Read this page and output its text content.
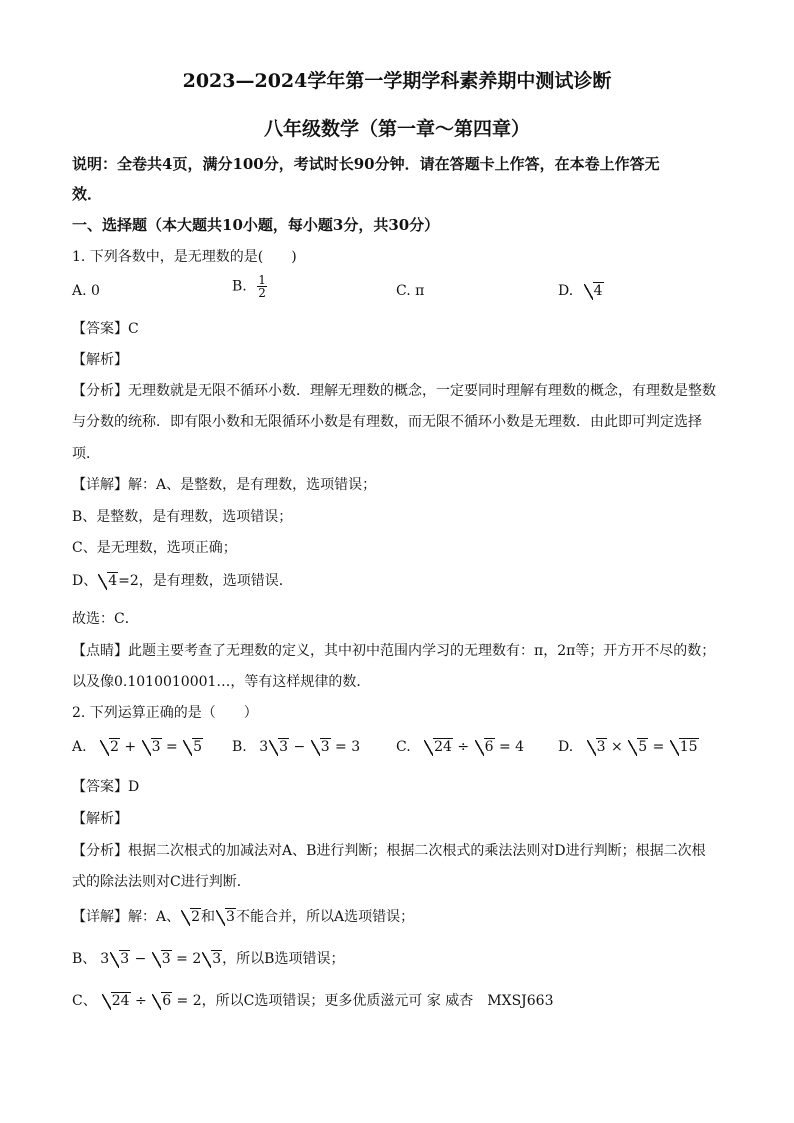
2023—2024学年第一学期学科素养期中测试诊断
八年级数学（第一章～第四章）
说明：全卷共4页，满分100分，考试时长90分钟．请在答题卡上作答，在本卷上作答无
效．
一、选择题（本大题共10小题，每小题3分，共30分）
1. 下列各数中，是无理数的是(　　)
A. 0	B. $\frac{1}{2}$	C. π	D. 4
【答案】C
【解析】
【分析】无理数就是无限不循环小数．理解无理数的概念，一定要同时理解有理数的概念，有理数是整数
与分数的统称．即有限小数和无限循环小数是有理数，而无限不循环小数是无理数．由此即可判定选择
项．
【详解】解：A、是整数，是有理数，选项错误；
B、是整数，是有理数，选项错误；
C、是无理数，选项正确；
D、 4=2，是有理数，选项错误．
故选：C．
【点睛】此题主要考查了无理数的定义，其中初中范围内学习的无理数有：π，2π等；开方开不尽的数；
以及像0.1010010001…，等有这样规律的数．
2. 下列运算正确的是（　　）
A. 2 + 3 = 5 B. 3 3 − 3 = 3	C. 24 ÷ 6 = 4 D. 3 × 5 = 15
【答案】D
【解析】
【分析】根据二次根式的加减法对A、B进行判断；根据二次根式的乘法法则对D进行判断；根据二次根
式的除法法则对C进行判断．
【详解】解：A、 2和 3不能合并，所以A选项错误；
B、 3 3 − 3 = 2 3，所以B选项错误；
C、 24 ÷ 6 = 2，所以C选项错误；更多优质滋元可 家 威杏　MXSJ663
